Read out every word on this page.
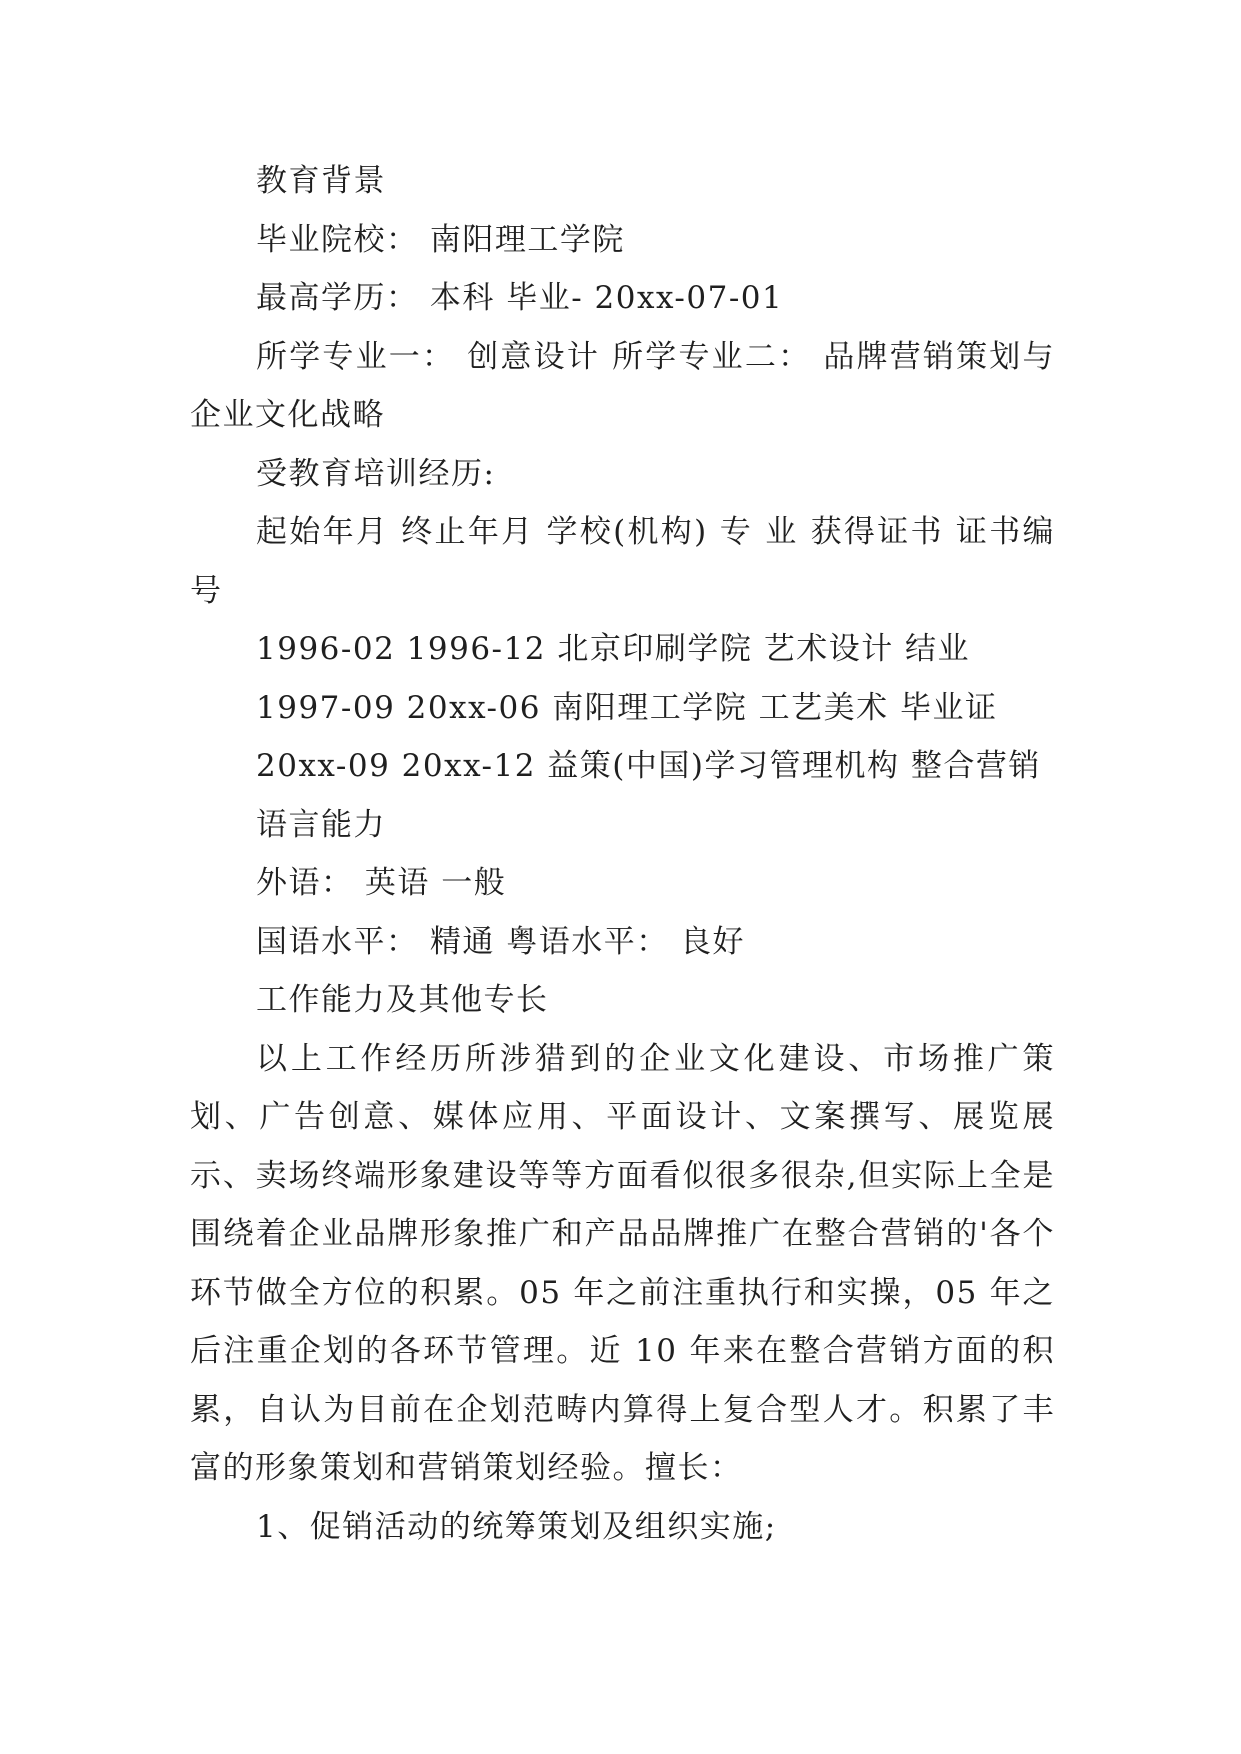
教育背景

毕业院校： 南阳理工学院

最高学历： 本科 毕业- 20xx-07-01

所学专业一： 创意设计 所学专业二： 品牌营销策划与企业文化战略

受教育培训经历:

起始年月 终止年月 学校(机构) 专 业 获得证书 证书编号

1996-02 1996-12 北京印刷学院 艺术设计 结业

1997-09 20xx-06 南阳理工学院 工艺美术 毕业证

20xx-09 20xx-12 益策(中国)学习管理机构 整合营销

语言能力

外语： 英语 一般

国语水平： 精通 粤语水平： 良好

工作能力及其他专长

以上工作经历所涉猎到的企业文化建设、市场推广策划、广告创意、媒体应用、平面设计、文案撰写、展览展示、卖场终端形象建设等等方面看似很多很杂,但实际上全是围绕着企业品牌形象推广和产品品牌推广在整合营销的'各个环节做全方位的积累。05 年之前注重执行和实操，05 年之后注重企划的各环节管理。近 10 年来在整合营销方面的积累，自认为目前在企划范畴内算得上复合型人才。积累了丰富的形象策划和营销策划经验。擅长：

1、促销活动的统筹策划及组织实施;
